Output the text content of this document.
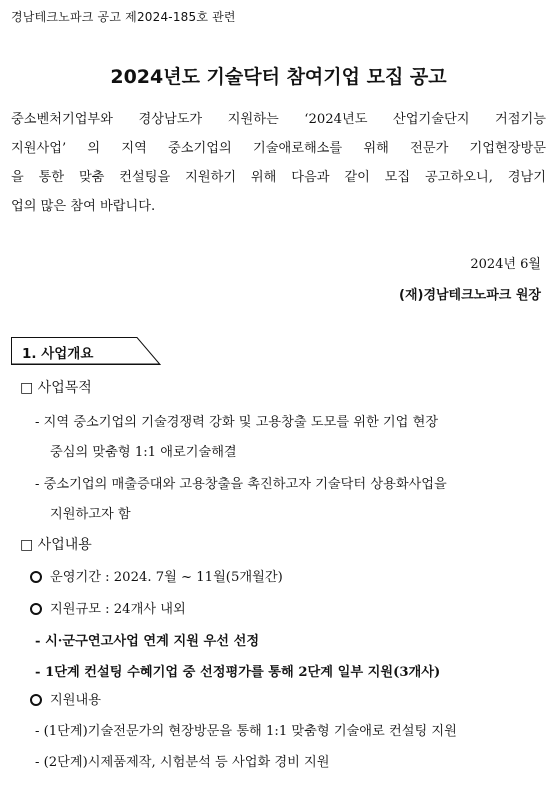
경남테크노파크 공고 제2024-185호 관련
2024년도 기술닥터 참여기업 모집 공고
중소벤처기업부와 경상남도가 지원하는 ‘2024년도 산업기술단지 거점기능
지원사업’ 의 지역 중소기업의 기술애로해소를 위해 전문가 기업현장방문
을 통한 맞춤 컨설팅을 지원하기 위해 다음과 같이 모집 공고하오니, 경남기
업의 많은 참여 바랍니다.
2024년 6월
(재)경남테크노파크 원장
1. 사업개요
□ 사업목적
- 지역 중소기업의 기술경쟁력 강화 및 고용창출 도모를 위한 기업 현장
중심의 맞춤형 1:1 애로기술해결
- 중소기업의 매출증대와 고용창출을 촉진하고자 기술닥터 상용화사업을
지원하고자 함
□ 사업내용
운영기간 : 2024. 7월 ~ 11월(5개월간)
지원규모 : 24개사 내외
- 시·군구연고사업 연계 지원 우선 선정
- 1단계 컨설팅 수혜기업 중 선정평가를 통해 2단계 일부 지원(3개사)
지원내용
- (1단계)기술전문가의 현장방문을 통해 1:1 맞춤형 기술애로 컨설팅 지원
- (2단계)시제품제작, 시험분석 등 사업화 경비 지원
